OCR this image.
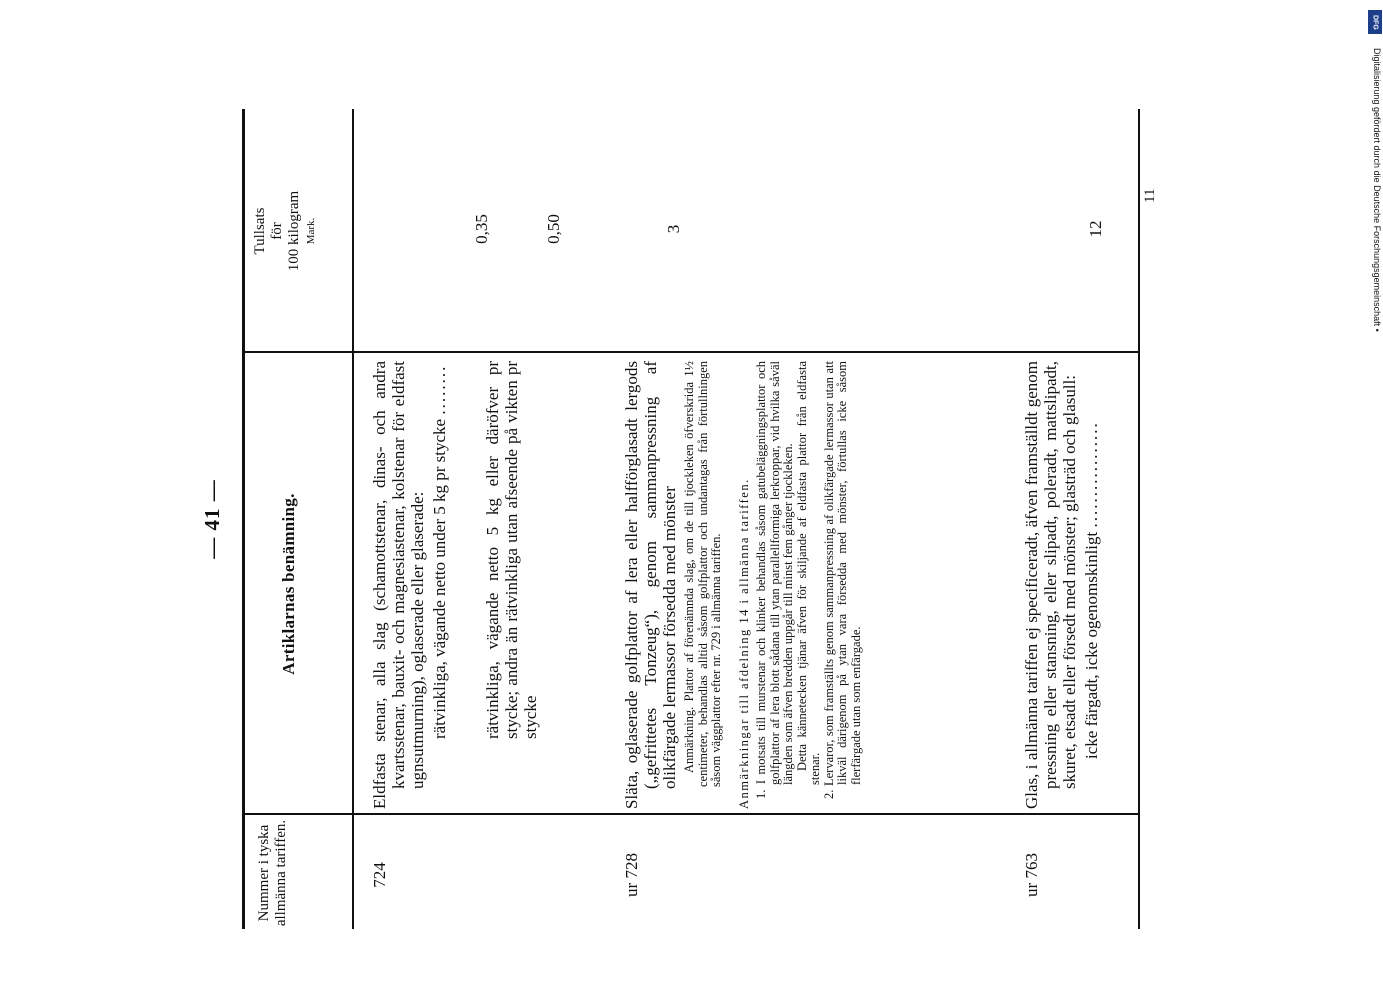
— 41 —
Nummer i tyska allmänna tariffen.
Artiklarnas benämning.
Tullsats för 100 kilogram Mark.
724
Eldfasta stenar, alla slag (schamottstenar, dinas- och andra kvartsstenar, bauxit- och magnesiastenar, kolstenar för eldfast ugnsutmurning), oglaserade eller glaserade: rätvinkliga, vägande netto under 5 kg pr stycke ........ rätvinkliga, vägande netto 5 kg eller däröfver pr stycke; andra än rätvinkliga utan afseende på vikten pr stycke
0,35	0,50
ur 728
Släta, oglaserade golfplattor af lera eller halfförglasadt lergods („gefrittetes Tonzeug“), genom sammanpressning af olikfärgade lermassor försedda med mönster Anmärkning. Plattor af förenämnda slag, om de till tjockleken öfverskrida 1½ centimeter, behandlas alltid såsom golfplattor och undantagas från förtullningen såsom väggplattor efter nr. 729 i allmänna tariffen. Anmärkningar till afdelning 14 i allmänna tariffen. 1. I motsats till murstenar och klinker behandlas såsom gatubeläggningsplattor och golfplattor af lera blott sådana till ytan parallellformiga lerkroppar, vid hvilka såväl längden som äfven bredden uppgår till minst fem gånger tjockleken. Detta kännetecken tjänar äfven för skiljande af eldfasta plattor från eldfasta stenar. 2. Lervaror, som framställts genom sammanpressning af olikfärgade lermassor utan att likväl därigenom på ytan vara försedda med mönster, förtullas icke såsom flerfärgade utan som enfärgade.
3
ur 763
Glas, i allmänna tariffen ej specificeradt, äfven framställdt genom pressning eller stansning, eller slipadt, poleradt, mattslipadt, skuret, etsadt eller försedt med mönster; glasträd och glasull: icke färgadt, icke ogenomskinligt .................
12
11
DFG
Digitalisierung gefördert durch die Deutsche Forschungsgemeinschaft •
